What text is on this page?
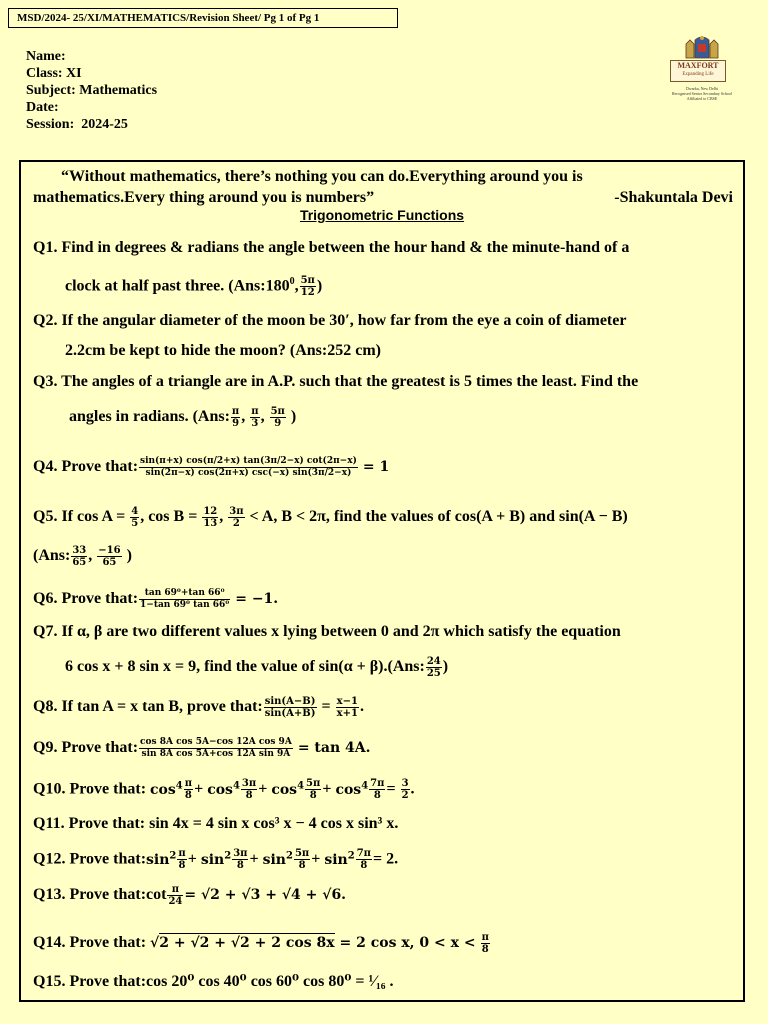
MSD/2024- 25/XI/MATHEMATICS/Revision Sheet/ Pg 1 of Pg 1
Name:
Class: XI
Subject: Mathematics
Date:
Session:  2024-25
MAXFORT
Expanding Life
Dwarka, New Delhi
Recognised Senior Secondary School
Affiliated to CBSE
“Without mathematics, there’s nothing you can do.Everything around you is
mathematics.Every thing around you is numbers”	-Shakuntala Devi
Trigonometric Functions
Q1. Find in degrees & radians the angle between the hour hand & the minute-hand of a
clock at half past three. ($Ans:180^0$, $\frac{5\pi}{12}$ )
Q2. If the angular diameter of the moon be 30′, how far from the eye a coin of diameter
2.2cm be kept to hide the moon? (Ans:252 cm)
Q3. The angles of a triangle are in A.P. such that the greatest is 5 times the least. Find the
angles in radians. (Ans: $\frac{\pi}{9}$ , $\frac{\pi}{3}$ , $\frac{5\pi}{9}$ )
Q4. Prove that: $\frac{\sin(\pi+x) \cos(\pi/2+x) \tan(3\pi/2-x) \cot(2\pi-x)}{\sin(2\pi-x) \cos(2\pi+x) \csc(-x) \sin(3\pi/2-x)} = 1$
Q5. If $\cos A = \frac{4}{5}$ , $\cos B = \frac{12}{13}$ , $\frac{3\pi}{2} < A$, B < 2π, find the values of cos(A + B) and sin(A − B)
(Ans: $\frac{33}{65}$ , $\frac{-16}{65}$ )
Q6. Prove that: $\frac{\text{tan 69⁰+tan 66⁰}}{\text{1−tan 69⁰ tan 66⁰}} = -1$.
Q7. If α, β are two different values x lying between 0 and 2π which satisfy the equation
6 cos x + 8 sin x = 9, find the value of sin(α + β).(Ans: $\frac{24}{25}$ )
Q8. If tan A = x tan B, prove that: $\frac{\sin(A-B)}{\sin(A+B)} = \frac{x-1}{x+1}$ .
Q9. Prove that: $\frac{\text{cos 8A cos 5A−cos 12A cos 9A}}{\text{sin 8A cos 5A+cos 12A sin 9A}} = \tan 4A$.
Q10. Prove that: $\cos^4 \frac{\pi}{8} + \cos^4 \frac{3\pi}{8} + \cos^4 \frac{5\pi}{8} + \cos^4 \frac{7\pi}{8} = \frac{3}{2}$ .
Q11. Prove that: sin 4x = 4 sin x cos³ x − 4 cos x sin³ x.
Q12. Prove $that:\sin^2 \frac{\pi}{8} + \sin^2 \frac{3\pi}{8} + \sin^2 \frac{5\pi}{8} + \sin^2 \frac{7\pi}{8} = 2$.
Q13. Prove that:cot $\frac{\pi}{24} = √2 + √3 + √4 + √6$.
Q14. Prove that: √2 + √2 + √2 + 2 cos 8x = 2 cos x, $0 < x < \frac{\pi}{8}$
Q15. Prove that:cos 20⁰ cos 40⁰ cos 60⁰ cos 80⁰ = ¹⁄₁₆ .
